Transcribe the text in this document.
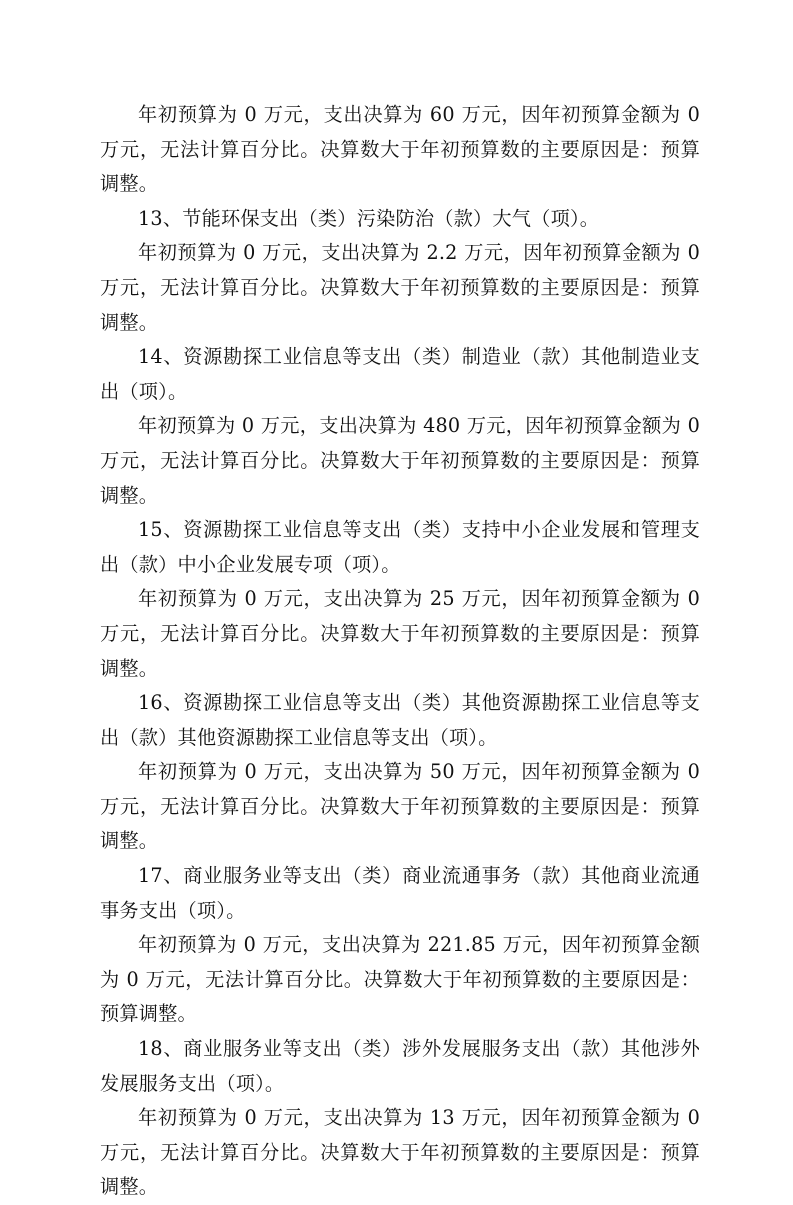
年初预算为 0 万元，支出决算为 60 万元，因年初预算金额为 0 万元，无法计算百分比。决算数大于年初预算数的主要原因是：预算调整。

13、节能环保支出（类）污染防治（款）大气（项）。

年初预算为 0 万元，支出决算为 2.2 万元，因年初预算金额为 0 万元，无法计算百分比。决算数大于年初预算数的主要原因是：预算调整。

14、资源勘探工业信息等支出（类）制造业（款）其他制造业支出（项）。

年初预算为 0 万元，支出决算为 480 万元，因年初预算金额为 0 万元，无法计算百分比。决算数大于年初预算数的主要原因是：预算调整。

15、资源勘探工业信息等支出（类）支持中小企业发展和管理支出（款）中小企业发展专项（项）。

年初预算为 0 万元，支出决算为 25 万元，因年初预算金额为 0 万元，无法计算百分比。决算数大于年初预算数的主要原因是：预算调整。

16、资源勘探工业信息等支出（类）其他资源勘探工业信息等支出（款）其他资源勘探工业信息等支出（项）。

年初预算为 0 万元，支出决算为 50 万元，因年初预算金额为 0 万元，无法计算百分比。决算数大于年初预算数的主要原因是：预算调整。

17、商业服务业等支出（类）商业流通事务（款）其他商业流通事务支出（项）。

年初预算为 0 万元，支出决算为 221.85 万元，因年初预算金额为 0 万元，无法计算百分比。决算数大于年初预算数的主要原因是：预算调整。

18、商业服务业等支出（类）涉外发展服务支出（款）其他涉外发展服务支出（项）。

年初预算为 0 万元，支出决算为 13 万元，因年初预算金额为 0 万元，无法计算百分比。决算数大于年初预算数的主要原因是：预算调整。
